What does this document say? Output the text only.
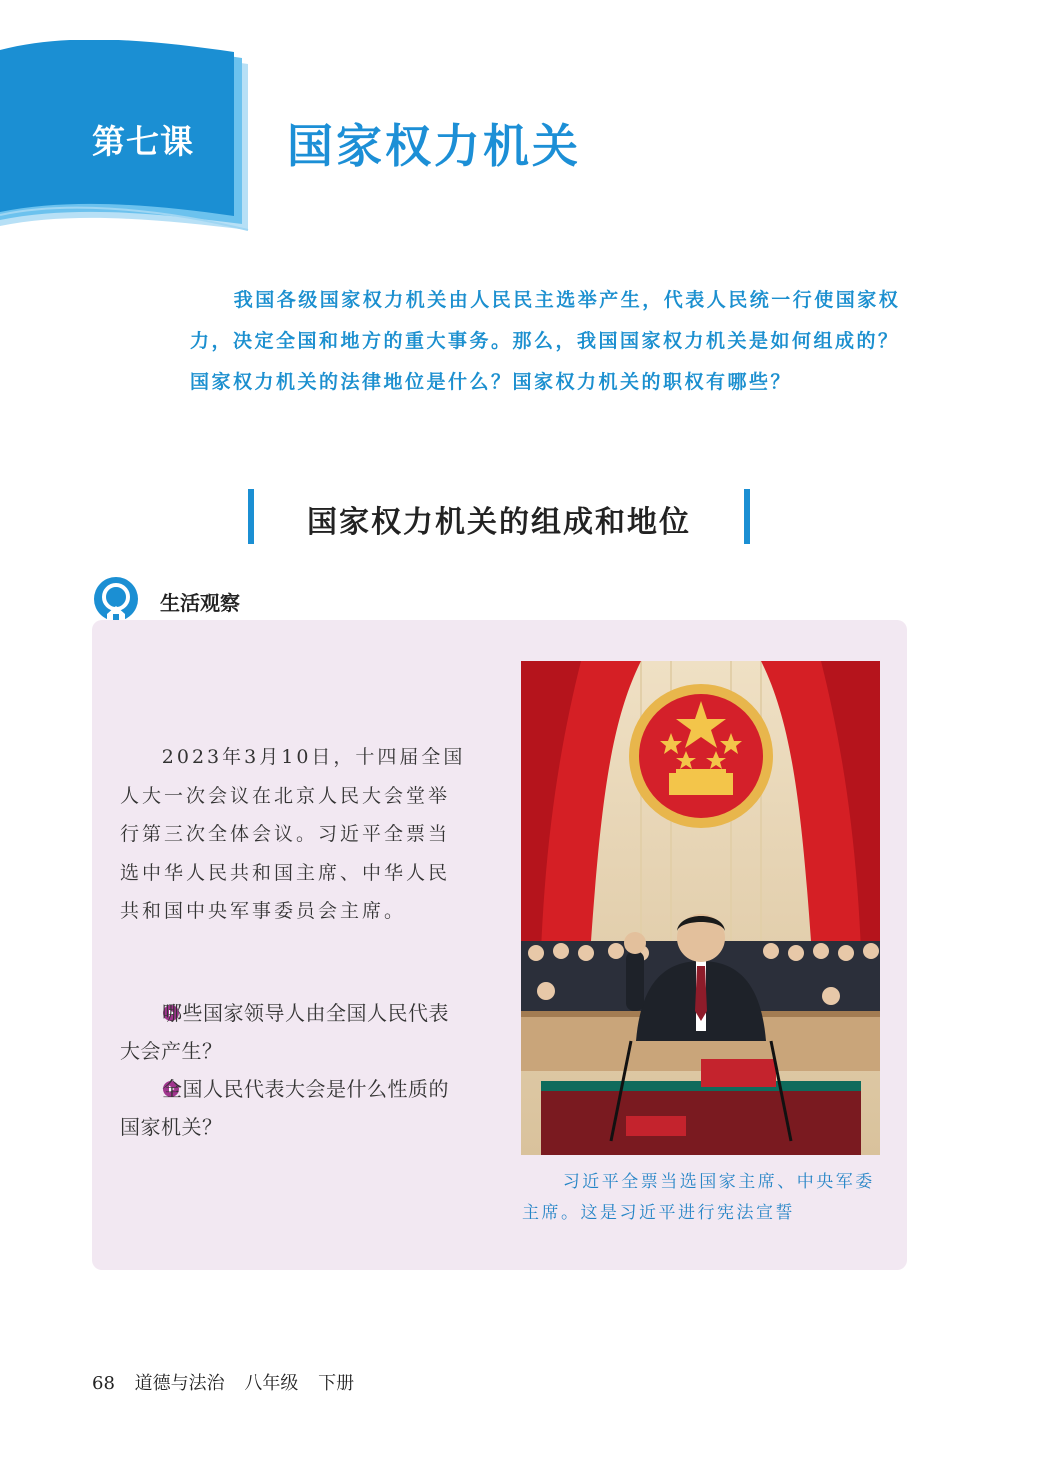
第七课 国家权力机关

我国各级国家权力机关由人民民主选举产生，代表人民统一行使国家权力，决定全国和地方的重大事务。那么，我国国家权力机关是如何组成的？国家权力机关的法律地位是什么？国家权力机关的职权有哪些？

国家权力机关的组成和地位
生活观察

2023年3月10日，十四届全国人大一次会议在北京人民大会堂举行第三次全体会议。习近平全票当选中华人民共和国主席、中华人民共和国中央军事委员会主席。

哪些国家领导人由全国人民代表大会产生？

全国人民代表大会是什么性质的国家机关？

习近平全票当选国家主席、中央军委主席。这是习近平进行宪法宣誓

68 道德与法治 八年级 下册
